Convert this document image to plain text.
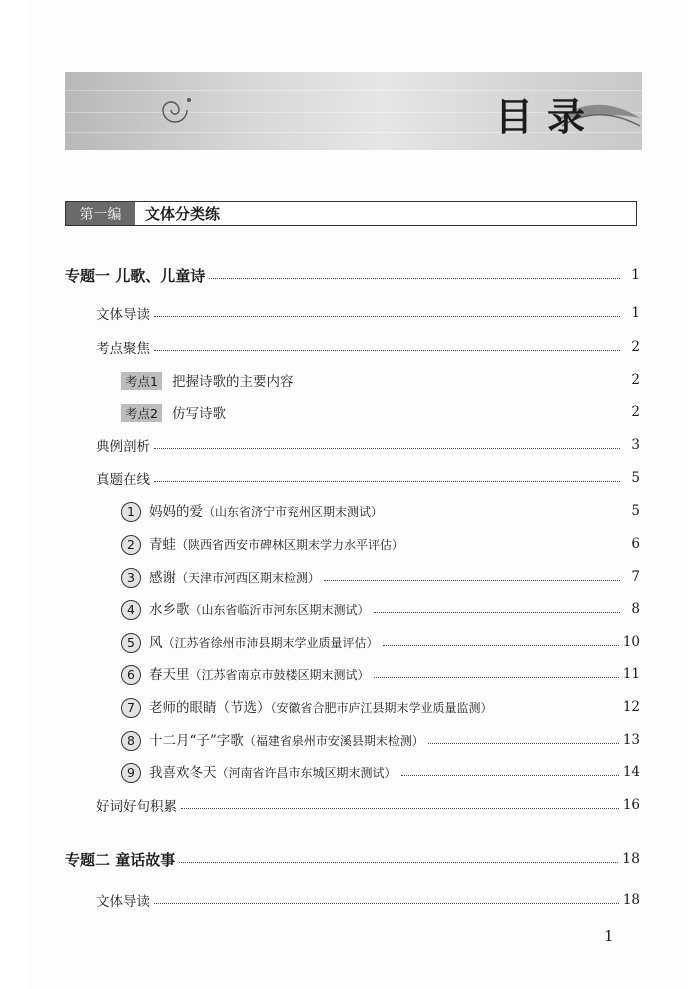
目录
第一编	文体分类练
专题一 儿歌、儿童诗	1
文体导读	1
考点聚焦	2
考点1 把握诗歌的主要内容	2
考点2 仿写诗歌	2
典例剖析	3
真题在线	5
1 妈妈的爱（山东省济宁市兖州区期末测试）	5
2 青蛙（陕西省西安市碑林区期末学力水平评估）	6
3 感谢（天津市河西区期末检测）	7
4 水乡歌（山东省临沂市河东区期末测试）	8
5 风（江苏省徐州市沛县期末学业质量评估）	10
6 春天里（江苏省南京市鼓楼区期末测试）	11
7 老师的眼睛（节选）（安徽省合肥市庐江县期末学业质量监测）	12
8 十二月“子”字歌（福建省泉州市安溪县期末检测）	13
9 我喜欢冬天（河南省许昌市东城区期末测试）	14
好词好句积累	16
专题二 童话故事	18
文体导读	18
1
